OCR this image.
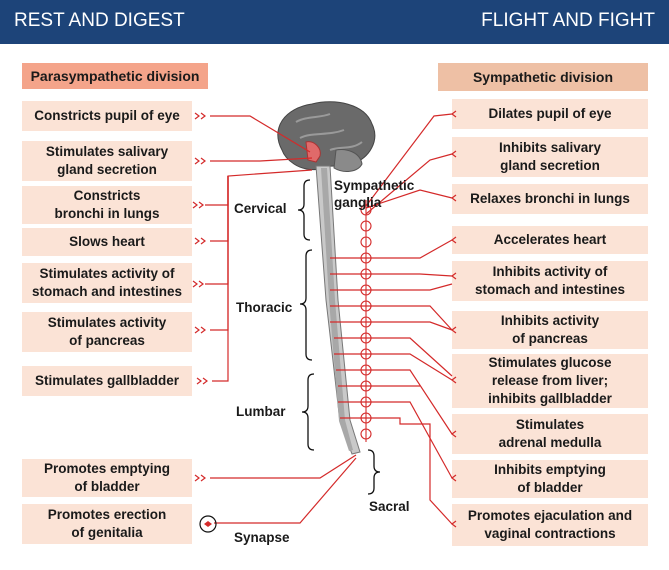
REST AND DIGEST	FLIGHT AND FIGHT
Parasympathetic division
Constricts pupil of eye
Stimulates salivary
gland secretion
Constricts
bronchi in lungs
Slows heart
Stimulates activity of
stomach and intestines
Stimulates activity
of pancreas
Stimulates gallbladder
Promotes emptying
of bladder
Promotes erection
of genitalia
Sympathetic division
Dilates pupil of eye
Inhibits salivary
gland secretion
Relaxes bronchi in lungs
Accelerates heart
Inhibits activity of
stomach and intestines
Inhibits activity
of pancreas
Stimulates glucose
release from liver;
inhibits gallbladder
Stimulates
adrenal medulla
Inhibits emptying
of bladder
Promotes ejaculation and
vaginal contractions
Cervical
Thoracic
Lumbar
Sacral
Sympathetic
ganglia
Synapse
